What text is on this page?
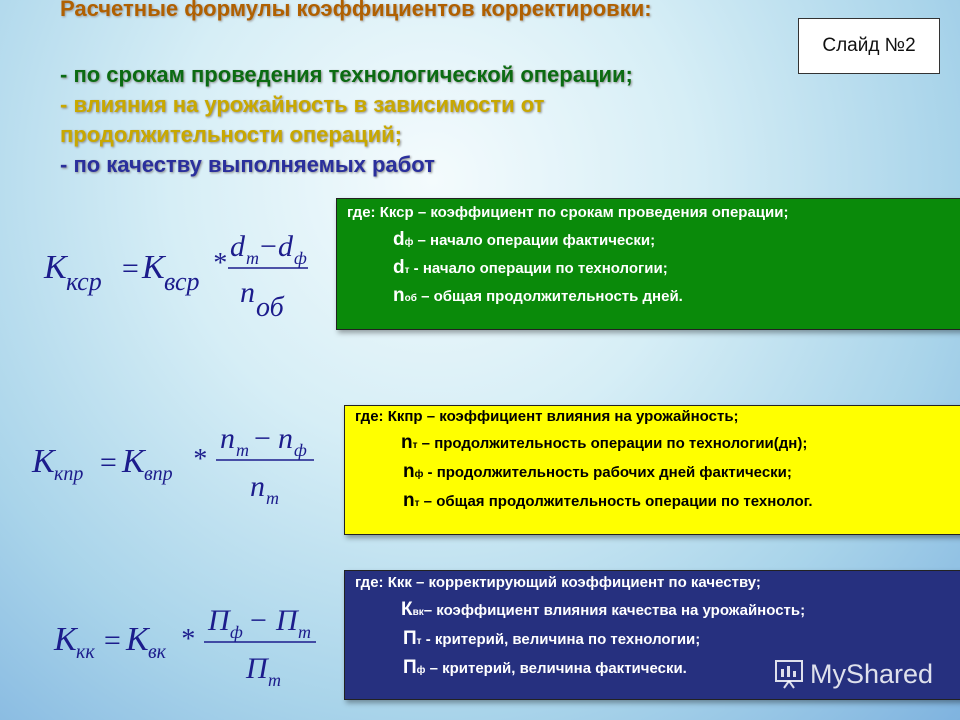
Расчетные формулы коэффициентов корректировки:
- по срокам проведения технологической операции;
- влияния на урожайность в зависимости от
продолжительности операций;
- по качеству выполняемых работ
Слайд №2
K кср = K вср
*
d т − d ф
n об
K кпр = K впр *
n т − n ф
n т
K кк = K вк *
П ф − П т
П т
где: Ккср – коэффициент по срокам проведения операции;
dф – начало операции фактически;
dт - начало операции по технологии;
nоб – общая продолжительность дней.
где: Ккпр – коэффициент влияния на урожайность;
nт – продолжительность операции по технологии(дн);
nф - продолжительность рабочих дней фактически;
nт – общая продолжительность операции по технолог.
где: Ккк – корректирующий коэффициент по качеству;
Квк– коэффициент влияния качества на урожайность;
Пт - критерий, величина по технологии;
Пф – критерий, величина фактически.	MyShared
